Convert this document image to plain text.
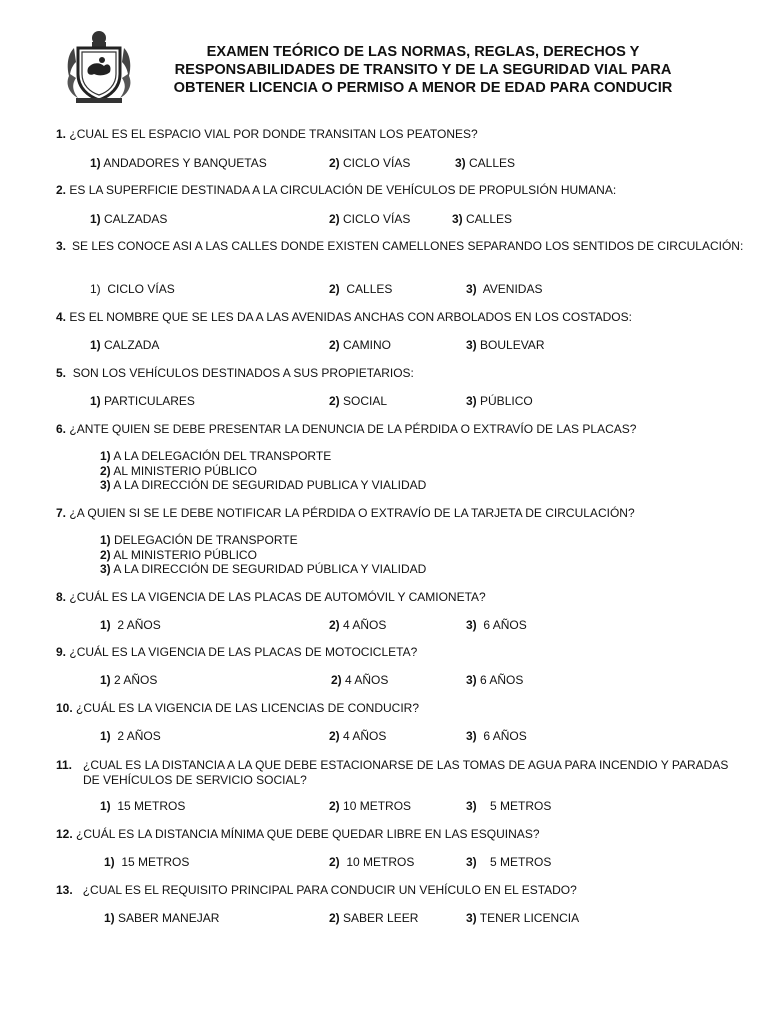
EXAMEN TEÓRICO DE LAS NORMAS, REGLAS, DERECHOS Y
RESPONSABILIDADES DE TRANSITO Y DE LA SEGURIDAD VIAL PARA
OBTENER LICENCIA O PERMISO A MENOR DE EDAD PARA CONDUCIR
1. ¿CUAL ES EL ESPACIO VIAL POR DONDE TRANSITAN LOS PEATONES?
1) ANDADORES Y BANQUETAS	2) CICLO VÍAS	3) CALLES
2. ES LA SUPERFICIE DESTINADA A LA CIRCULACIÓN DE VEHÍCULOS DE PROPULSIÓN HUMANA:
1) CALZADAS	2) CICLO VÍAS	3) CALLES
3. SE LES CONOCE ASI A LAS CALLES DONDE EXISTEN CAMELLONES SEPARANDO LOS SENTIDOS DE CIRCULACIÓN:
1) CICLO VÍAS	2) CALLES	3) AVENIDAS
4. ES EL NOMBRE QUE SE LES DA A LAS AVENIDAS ANCHAS CON ARBOLADOS EN LOS COSTADOS:
1) CALZADA	2) CAMINO	3) BOULEVAR
5. SON LOS VEHÍCULOS DESTINADOS A SUS PROPIETARIOS:
1) PARTICULARES	2) SOCIAL	3) PÚBLICO
6. ¿ANTE QUIEN SE DEBE PRESENTAR LA DENUNCIA DE LA PÉRDIDA O EXTRAVÍO DE LAS PLACAS?
1) A LA DELEGACIÓN DEL TRANSPORTE
2) AL MINISTERIO PÚBLICO
3) A LA DIRECCIÓN DE SEGURIDAD PUBLICA Y VIALIDAD
7. ¿A QUIEN SI SE LE DEBE NOTIFICAR LA PÉRDIDA O EXTRAVÍO DE LA TARJETA DE CIRCULACIÓN?
1) DELEGACIÓN DE TRANSPORTE
2) AL MINISTERIO PÚBLICO
3) A LA DIRECCIÓN DE SEGURIDAD PÚBLICA Y VIALIDAD
8. ¿CUÁL ES LA VIGENCIA DE LAS PLACAS DE AUTOMÓVIL Y CAMIONETA?
1) 2 AÑOS	2) 4 AÑOS	3) 6 AÑOS
9. ¿CUÁL ES LA VIGENCIA DE LAS PLACAS DE MOTOCICLETA?
1) 2 AÑOS	2) 4 AÑOS	3) 6 AÑOS
10. ¿CUÁL ES LA VIGENCIA DE LAS LICENCIAS DE CONDUCIR?
1) 2 AÑOS	2) 4 AÑOS	3) 6 AÑOS
11. ¿CUAL ES LA DISTANCIA A LA QUE DEBE ESTACIONARSE DE LAS TOMAS DE AGUA PARA INCENDIO Y PARADAS DE VEHÍCULOS DE SERVICIO SOCIAL?
1) 15 METROS	2) 10 METROS	3) 5 METROS
12. ¿CUÁL ES LA DISTANCIA MÍNIMA QUE DEBE QUEDAR LIBRE EN LAS ESQUINAS?
1) 15 METROS	2) 10 METROS	3) 5 METROS
13. ¿CUAL ES EL REQUISITO PRINCIPAL PARA CONDUCIR UN VEHÍCULO EN EL ESTADO?
1) SABER MANEJAR	2) SABER LEER	3) TENER LICENCIA
